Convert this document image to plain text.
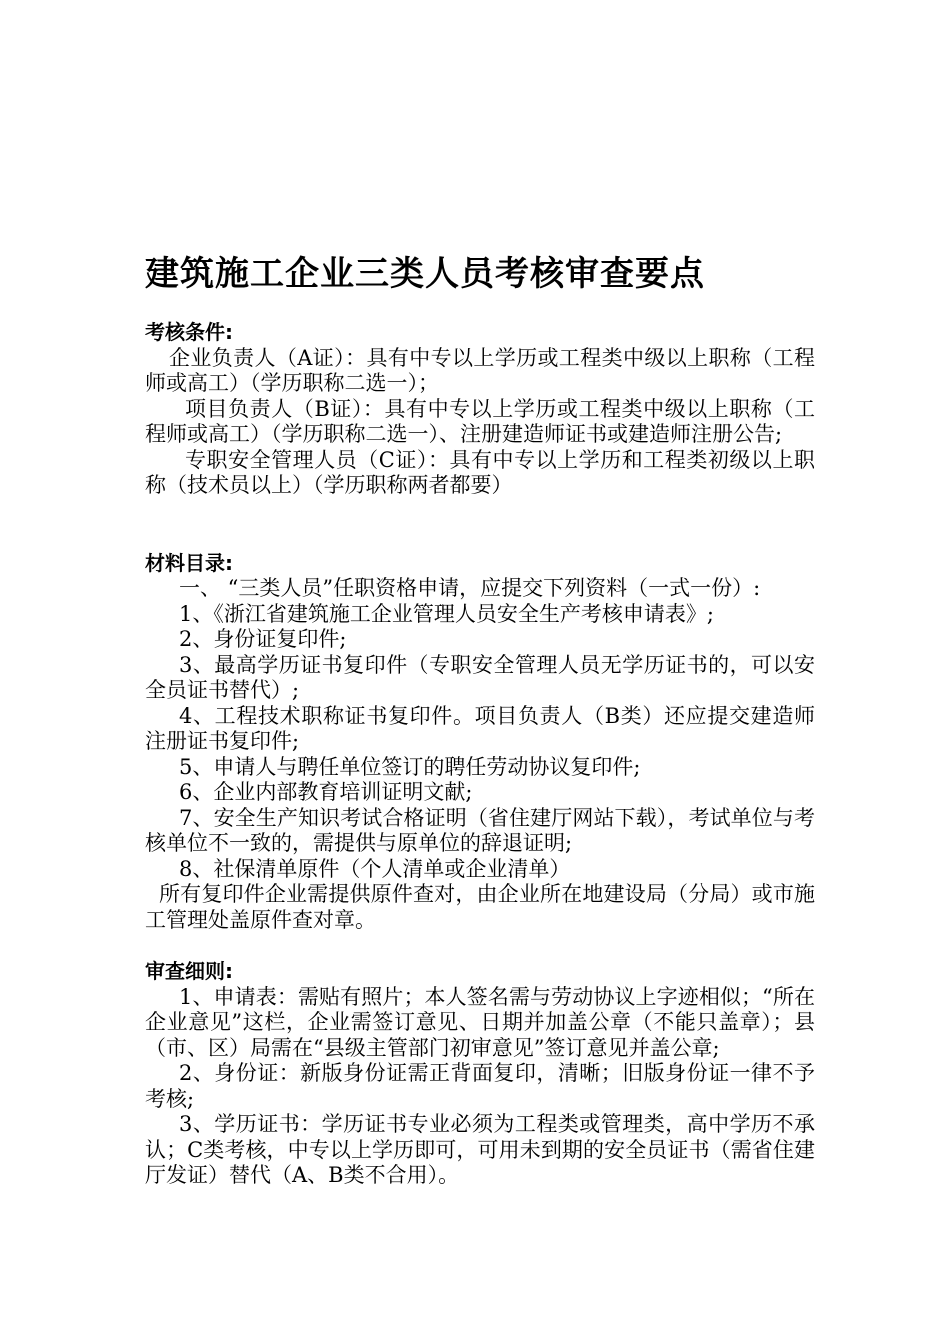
建筑施工企业三类人员考核审查要点

考核条件:

企业负责人（A证）：具有中专以上学历或工程类中级以上职称（工程师或高工）（学历职称二选一）；

项目负责人（B证）：具有中专以上学历或工程类中级以上职称（工程师或高工）（学历职称二选一）、注册建造师证书或建造师注册公告;

专职安全管理人员（C证）：具有中专以上学历和工程类初级以上职称（技术员以上）（学历职称两者都要）

材料目录:

一、 “三类人员”任职资格申请，应提交下列资料（一式一份）:

1、《浙江省建筑施工企业管理人员安全生产考核申请表》;

2、身份证复印件;

3、最高学历证书复印件（专职安全管理人员无学历证书的，可以安全员证书替代）;

4、工程技术职称证书复印件。项目负责人（B类）还应提交建造师注册证书复印件;

5、申请人与聘任单位签订的聘任劳动协议复印件;

6、企业内部教育培训证明文献;

7、安全生产知识考试合格证明（省住建厅网站下载），考试单位与考核单位不一致的，需提供与原单位的辞退证明;

8、社保清单原件（个人清单或企业清单）

所有复印件企业需提供原件查对，由企业所在地建设局（分局）或市施工管理处盖原件查对章。

审查细则:

1、申请表：需贴有照片；本人签名需与劳动协议上字迹相似；“所在企业意见”这栏，企业需签订意见、日期并加盖公章（不能只盖章）；县（市、区）局需在“县级主管部门初审意见”签订意见并盖公章;

2、身份证：新版身份证需正背面复印，清晰；旧版身份证一律不予考核;

3、学历证书：学历证书专业必须为工程类或管理类，高中学历不承认；C类考核，中专以上学历即可，可用未到期的安全员证书（需省住建厅发证）替代（A、B类不合用）。
